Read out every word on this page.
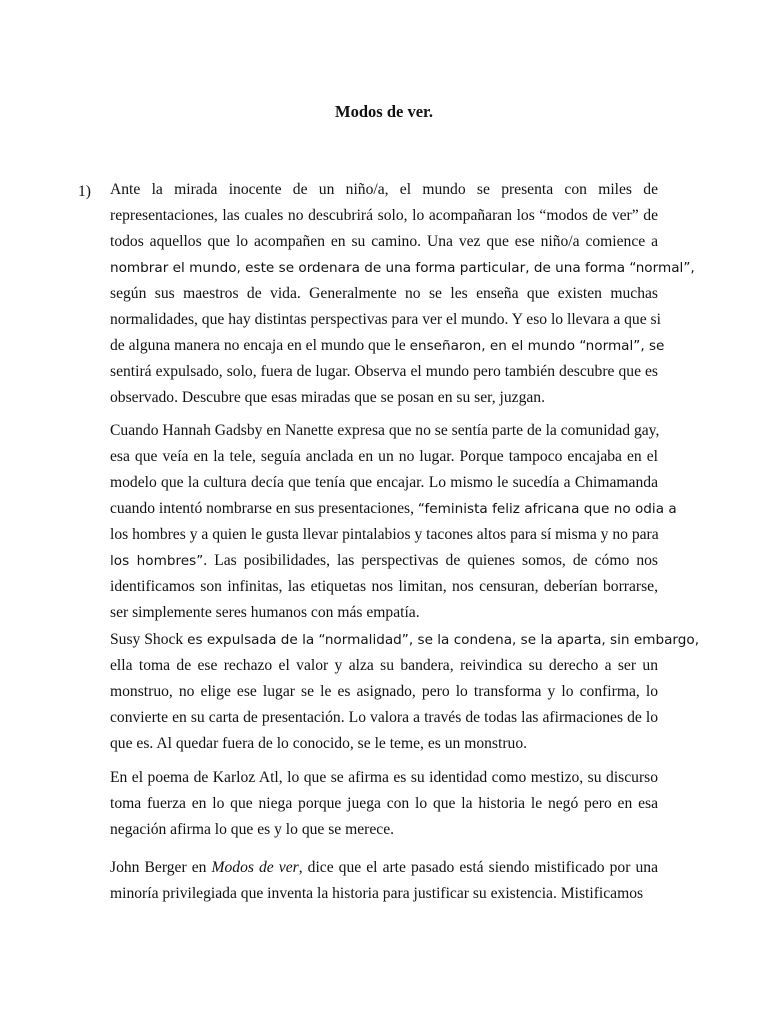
Modos de ver.
1) Ante la mirada inocente de un niño/a, el mundo se presenta con miles de
representaciones, las cuales no descubrirá solo, lo acompañaran los “modos de ver” de
todos aquellos que lo acompañen en su camino. Una vez que ese niño/a comience a
nombrar el mundo, este se ordenara de una forma particular, de una forma “normal”,
según sus maestros de vida. Generalmente no se les enseña que existen muchas
normalidades, que hay distintas perspectivas para ver el mundo. Y eso lo llevara a que si
de alguna manera no encaja en el mundo que le enseñaron, en el mundo “normal”, se
sentirá expulsado, solo, fuera de lugar. Observa el mundo pero también descubre que es
observado. Descubre que esas miradas que se posan en su ser, juzgan.
Cuando Hannah Gadsby en Nanette expresa que no se sentía parte de la comunidad gay,
esa que veía en la tele, seguía anclada en un no lugar. Porque tampoco encajaba en el
modelo que la cultura decía que tenía que encajar. Lo mismo le sucedía a Chimamanda
cuando intentó nombrarse en sus presentaciones, “feminista feliz africana que no odia a
los hombres y a quien le gusta llevar pintalabios y tacones altos para sí misma y no para
los hombres”. Las posibilidades, las perspectivas de quienes somos, de cómo nos
identificamos son infinitas, las etiquetas nos limitan, nos censuran, deberían borrarse,
ser simplemente seres humanos con más empatía.
Susy Shock es expulsada de la “normalidad”, se la condena, se la aparta, sin embargo,
ella toma de ese rechazo el valor y alza su bandera, reivindica su derecho a ser un
monstruo, no elige ese lugar se le es asignado, pero lo transforma y lo confirma, lo
convierte en su carta de presentación. Lo valora a través de todas las afirmaciones de lo
que es. Al quedar fuera de lo conocido, se le teme, es un monstruo.
En el poema de Karloz Atl, lo que se afirma es su identidad como mestizo, su discurso
toma fuerza en lo que niega porque juega con lo que la historia le negó pero en esa
negación afirma lo que es y lo que se merece.
John Berger en Modos de ver, dice que el arte pasado está siendo mistificado por una
minoría privilegiada que inventa la historia para justificar su existencia. Mistificamos
